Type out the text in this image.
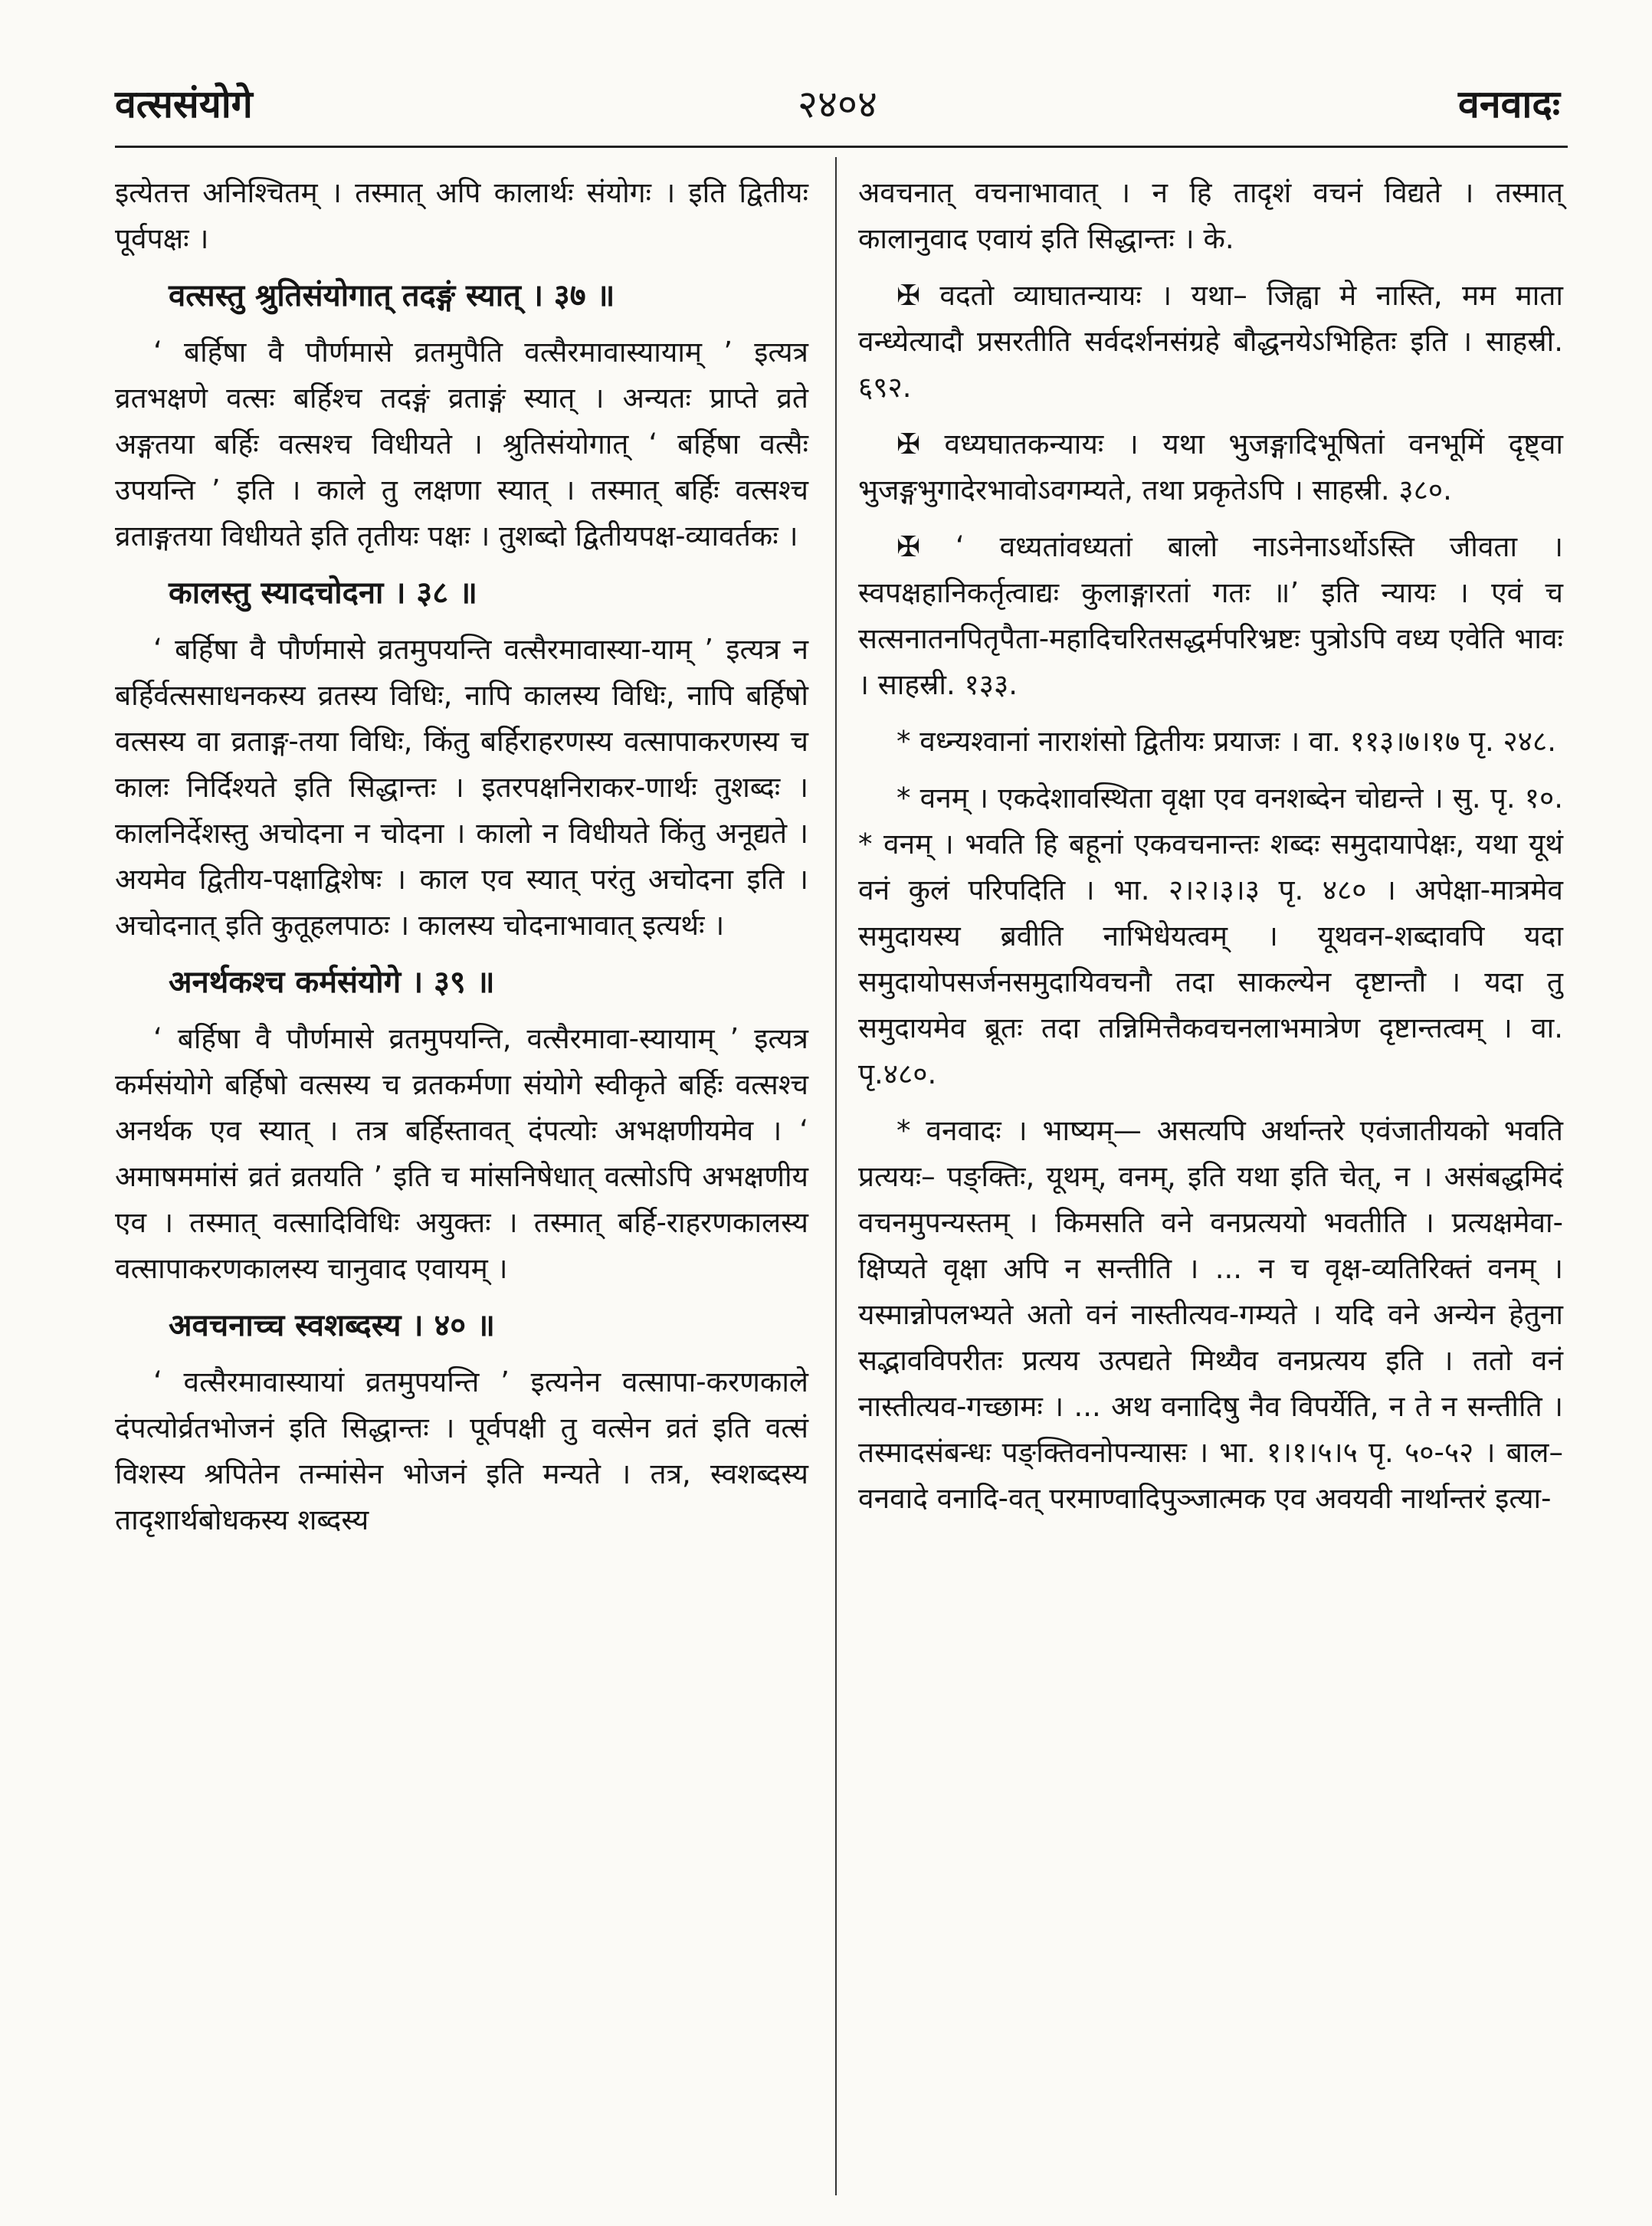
वत्ससंयोगे	२४०४	वनवादः

इत्येतत्त अनिश्चितम् । तस्मात् अपि कालार्थः संयोगः । इति द्वितीयः पूर्वपक्षः ।

वत्सस्तु श्रुतिसंयोगात् तदङ्गं स्यात् । ३७ ॥

‘ बर्हिषा वै पौर्णमासे व्रतमुपैति वत्सैरमावास्यायाम् ’ इत्यत्र व्रतभक्षणे वत्सः बर्हिश्च तदङ्गं व्रताङ्गं स्यात् । अन्यतः प्राप्ते व्रते अङ्गतया बर्हिः वत्सश्च विधीयते । श्रुतिसंयोगात् ‘ बर्हिषा वत्सैः उपयन्ति ’ इति । काले तु लक्षणा स्यात् । तस्मात् बर्हिः वत्सश्च व्रताङ्गतया विधीयते इति तृतीयः पक्षः । तुशब्दो द्वितीयपक्ष-व्यावर्तकः ।

कालस्तु स्यादचोदना । ३८ ॥

‘ बर्हिषा वै पौर्णमासे व्रतमुपयन्ति वत्सैरमावास्या-याम् ’ इत्यत्र न बर्हिर्वत्ससाधनकस्य व्रतस्य विधिः, नापि कालस्य विधिः, नापि बर्हिषो वत्सस्य वा व्रताङ्ग-तया विधिः, किंतु बर्हिराहरणस्य वत्सापाकरणस्य च कालः निर्दिश्यते इति सिद्धान्तः । इतरपक्षनिराकर-णार्थः तुशब्दः । कालनिर्देशस्तु अचोदना न चोदना । कालो न विधीयते किंतु अनूद्यते । अयमेव द्वितीय-पक्षाद्विशेषः । काल एव स्यात् परंतु अचोदना इति । अचोदनात् इति कुतूहलपाठः । कालस्य चोदनाभावात् इत्यर्थः ।

अनर्थकश्च कर्मसंयोगे । ३९ ॥

‘ बर्हिषा वै पौर्णमासे व्रतमुपयन्ति, वत्सैरमावा-स्यायाम् ’ इत्यत्र कर्मसंयोगे बर्हिषो वत्सस्य च व्रतकर्मणा संयोगे स्वीकृते बर्हिः वत्सश्च अनर्थक एव स्यात् । तत्र बर्हिस्तावत् दंपत्योः अभक्षणीयमेव । ‘ अमाषममांसं व्रतं व्रतयति ’ इति च मांसनिषेधात् वत्सोऽपि अभक्षणीय एव । तस्मात् वत्सादिविधिः अयुक्तः । तस्मात् बर्हि-राहरणकालस्य वत्सापाकरणकालस्य चानुवाद एवायम् ।

अवचनाच्च स्वशब्दस्य । ४० ॥

‘ वत्सैरमावास्यायां व्रतमुपयन्ति ’ इत्यनेन वत्सापा-करणकाले दंपत्योर्व्रतभोजनं इति सिद्धान्तः । पूर्वपक्षी तु वत्सेन व्रतं इति वत्सं विशस्य श्रपितेन तन्मांसेन भोजनं इति मन्यते । तत्र, स्वशब्दस्य तादृशार्थबोधकस्य शब्दस्य

अवचनात् वचनाभावात् । न हि तादृशं वचनं विद्यते । तस्मात् कालानुवाद एवायं इति सिद्धान्तः । के.

✠ वदतो व्याघातन्यायः । यथा– जिह्वा मे नास्ति, मम माता वन्ध्येत्यादौ प्रसरतीति सर्वदर्शनसंग्रहे बौद्धनयेऽभिहितः इति । साहस्री. ६९२.

✠ वध्यघातकन्यायः । यथा भुजङ्गादिभूषितां वनभूमिं दृष्ट्वा भुजङ्गभुगादेरभावोऽवगम्यते, तथा प्रकृतेऽपि । साहस्री. ३८०.

✠ ‘ वध्यतांवध्यतां बालो नाऽनेनाऽर्थोऽस्ति जीवता । स्वपक्षहानिकर्तृत्वाद्यः कुलाङ्गारतां गतः ॥’ इति न्यायः । एवं च सत्सनातनपितृपैता-महादिचरितसद्धर्मपरिभ्रष्टः पुत्रोऽपि वध्य एवेति भावः । साहस्री. १३३.

* वध्न्यश्वानां नाराशंसो द्वितीयः प्रयाजः । वा. ११३।७।१७ पृ. २४८.

* वनम् । एकदेशावस्थिता वृक्षा एव वनशब्देन चोद्यन्ते । सु. पृ. १०. * वनम् । भवति हि बहूनां एकवचनान्तः शब्दः समुदायापेक्षः, यथा यूथं वनं कुलं परिपदिति । भा. २।२।३।३ पृ. ४८० । अपेक्षा-मात्रमेव समुदायस्य ब्रवीति नाभिधेयत्वम् । यूथवन-शब्दावपि यदा समुदायोपसर्जनसमुदायिवचनौ तदा साकल्येन दृष्टान्तौ । यदा तु समुदायमेव ब्रूतः तदा तन्निमित्तैकवचनलाभमात्रेण दृष्टान्तत्वम् । वा. पृ.४८०.

* वनवादः । भाष्यम्— असत्यपि अर्थान्तरे एवंजातीयको भवति प्रत्ययः– पङ्क्तिः, यूथम्, वनम्, इति यथा इति चेत्, न । असंबद्धमिदं वचनमुपन्यस्तम् । किमसति वने वनप्रत्ययो भवतीति । प्रत्यक्षमेवा-क्षिप्यते वृक्षा अपि न सन्तीति । ... न च वृक्ष-व्यतिरिक्तं वनम् । यस्मान्नोपलभ्यते अतो वनं नास्तीत्यव-गम्यते । यदि वने अन्येन हेतुना सद्भावविपरीतः प्रत्यय उत्पद्यते मिथ्यैव वनप्रत्यय इति । ततो वनं नास्तीत्यव-गच्छामः । ... अथ वनादिषु नैव विपर्येति, न ते न सन्तीति । तस्मादसंबन्धः पङ्क्तिवनोपन्यासः । भा. १।१।५।५ पृ. ५०-५२ । बाल–वनवादे वनादि-वत् परमाण्वादिपुञ्जात्मक एव अवयवी नार्थान्तरं इत्या-
